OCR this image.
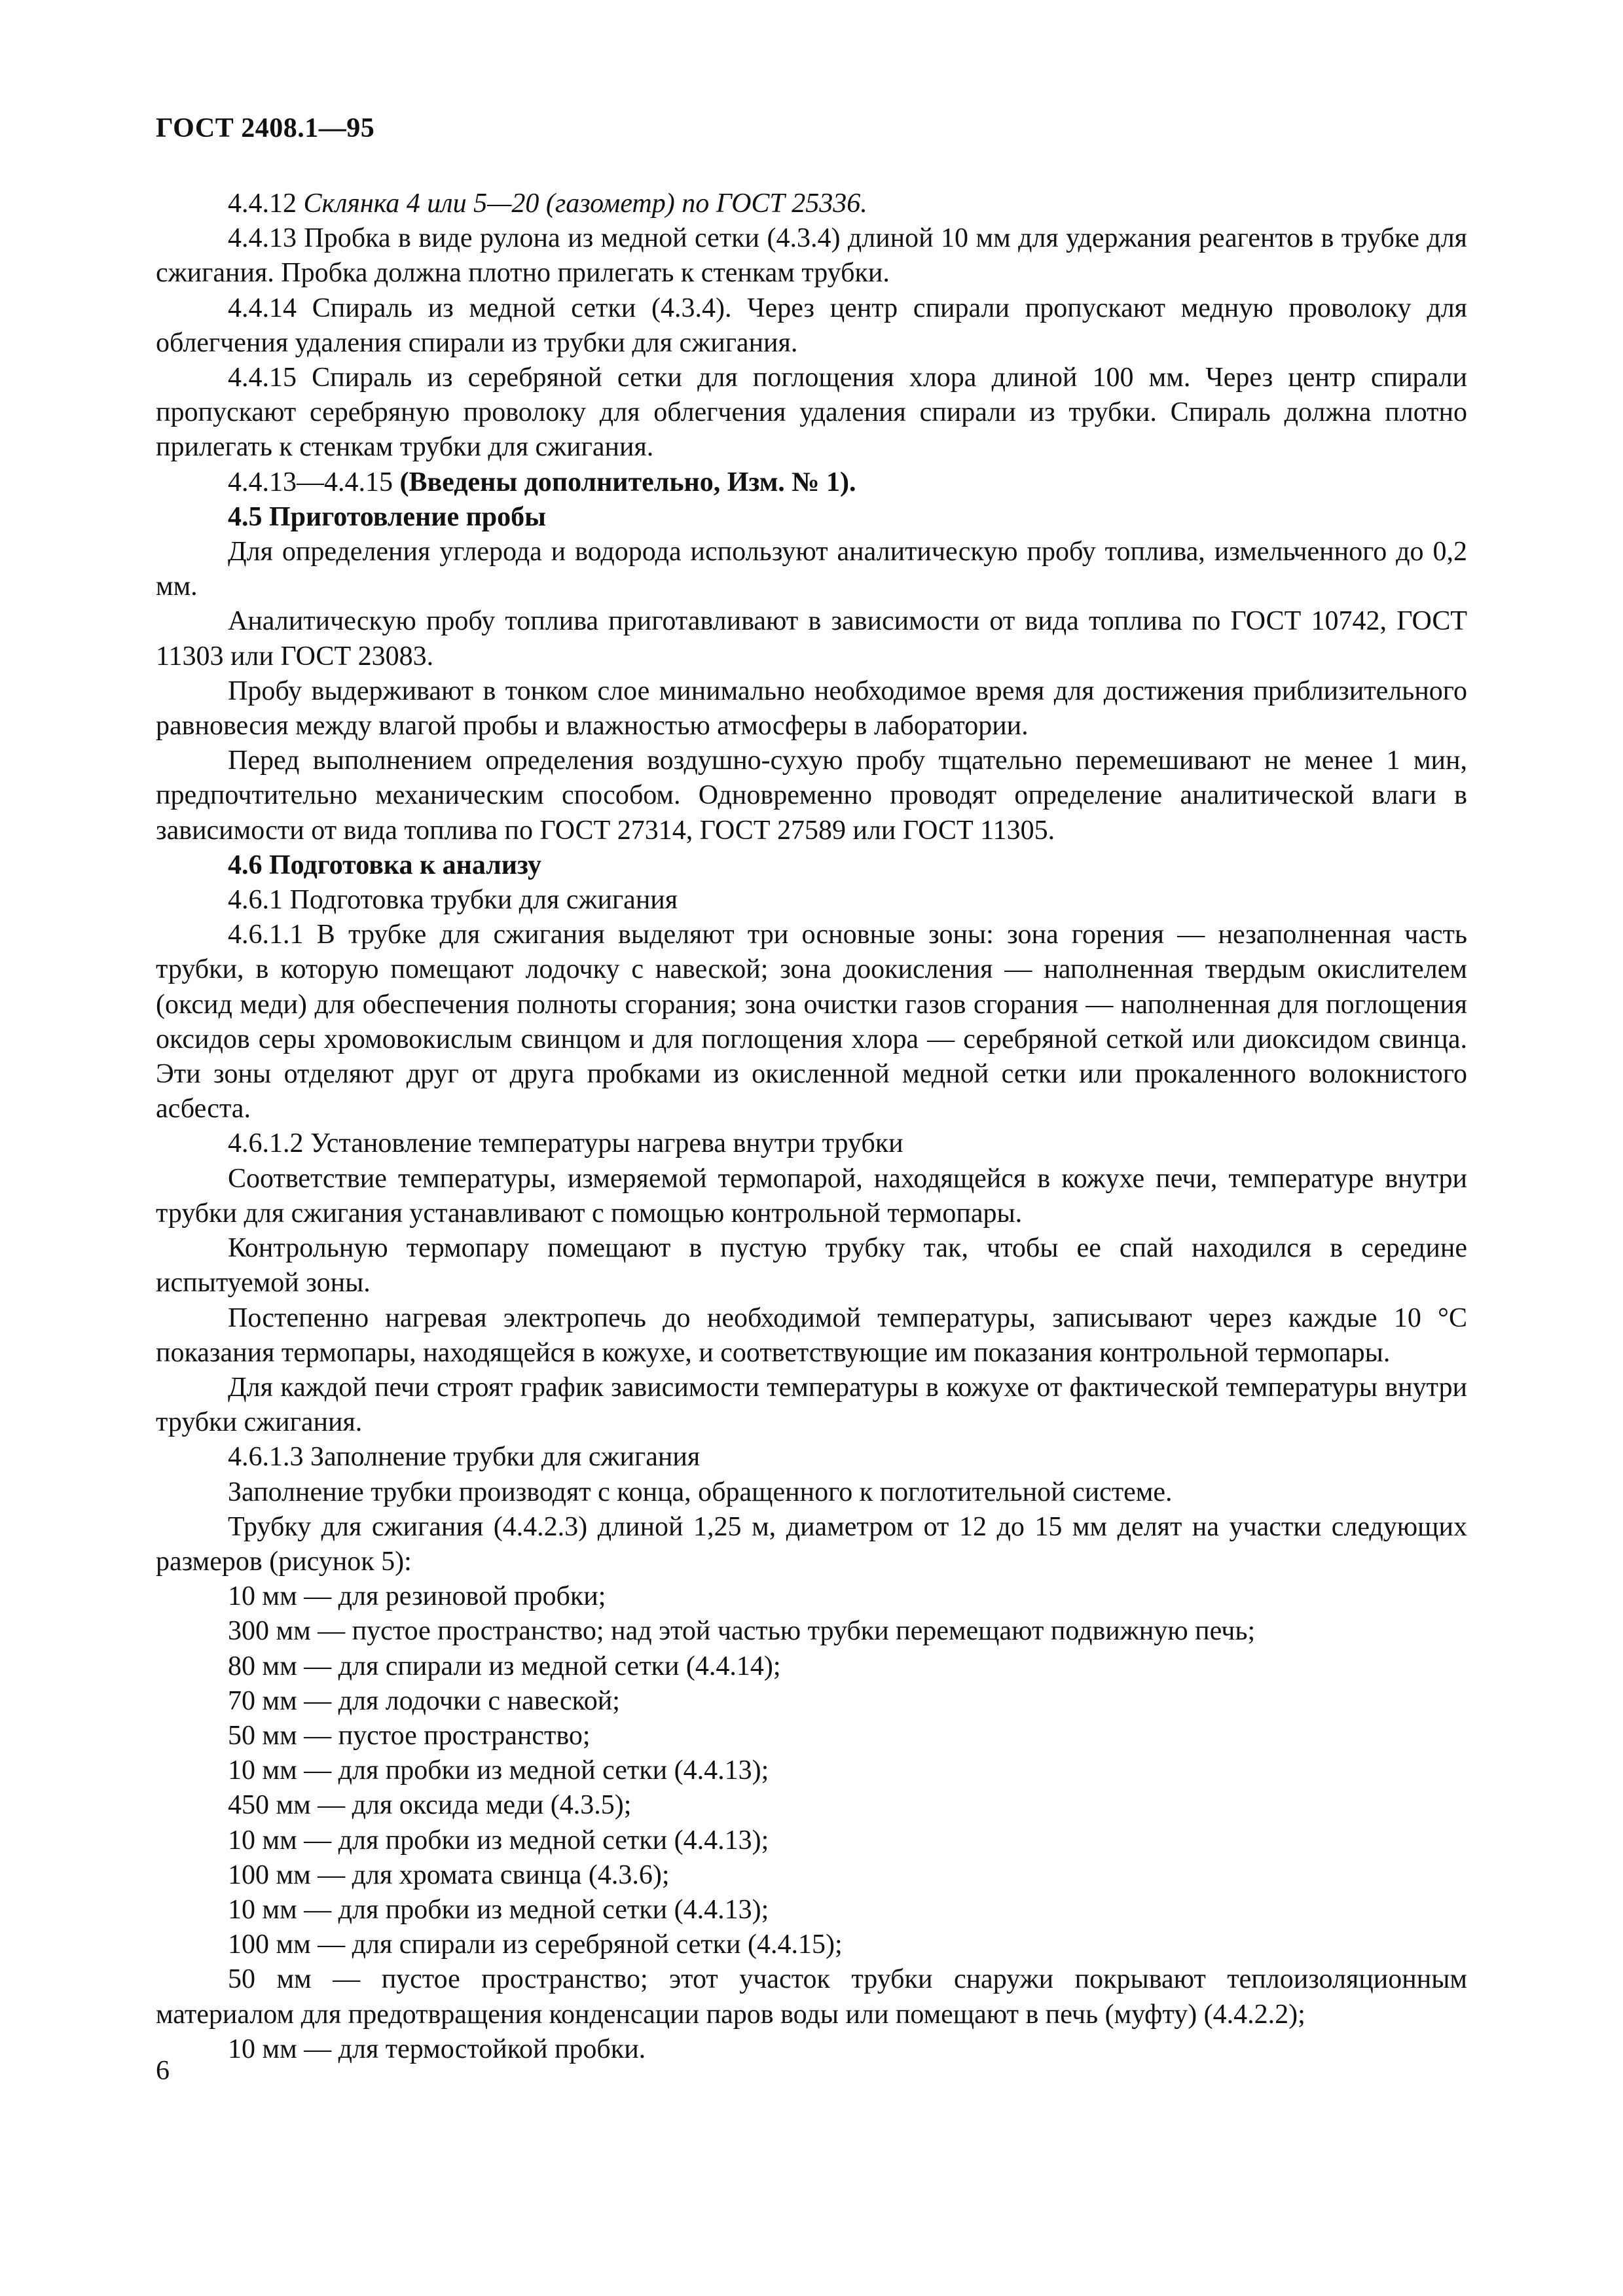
ГОСТ 2408.1—95

4.4.12 Склянка 4 или 5—20 (газометр) по ГОСТ 25336.

4.4.13 Пробка в виде рулона из медной сетки (4.3.4) длиной 10 мм для удержания реагентов в трубке для сжигания. Пробка должна плотно прилегать к стенкам трубки.

4.4.14 Спираль из медной сетки (4.3.4). Через центр спирали пропускают медную проволоку для облегчения удаления спирали из трубки для сжигания.

4.4.15 Спираль из серебряной сетки для поглощения хлора длиной 100 мм. Через центр спирали пропускают серебряную проволоку для облегчения удаления спирали из трубки. Спираль должна плотно прилегать к стенкам трубки для сжигания.

4.4.13—4.4.15 (Введены дополнительно, Изм. № 1).

4.5 Приготовление пробы

Для определения углерода и водорода используют аналитическую пробу топлива, измельченного до 0,2 мм.

Аналитическую пробу топлива приготавливают в зависимости от вида топлива по ГОСТ 10742, ГОСТ 11303 или ГОСТ 23083.

Пробу выдерживают в тонком слое минимально необходимое время для достижения приблизительного равновесия между влагой пробы и влажностью атмосферы в лаборатории.

Перед выполнением определения воздушно-сухую пробу тщательно перемешивают не менее 1 мин, предпочтительно механическим способом. Одновременно проводят определение аналитической влаги в зависимости от вида топлива по ГОСТ 27314, ГОСТ 27589 или ГОСТ 11305.

4.6 Подготовка к анализу

4.6.1 Подготовка трубки для сжигания

4.6.1.1 В трубке для сжигания выделяют три основные зоны: зона горения — незаполненная часть трубки, в которую помещают лодочку с навеской; зона доокисления — наполненная твердым окислителем (оксид меди) для обеспечения полноты сгорания; зона очистки газов сгорания — наполненная для поглощения оксидов серы хромовокислым свинцом и для поглощения хлора — серебряной сеткой или диоксидом свинца. Эти зоны отделяют друг от друга пробками из окисленной медной сетки или прокаленного волокнистого асбеста.

4.6.1.2 Установление температуры нагрева внутри трубки

Соответствие температуры, измеряемой термопарой, находящейся в кожухе печи, температуре внутри трубки для сжигания устанавливают с помощью контрольной термопары.

Контрольную термопару помещают в пустую трубку так, чтобы ее спай находился в середине испытуемой зоны.

Постепенно нагревая электропечь до необходимой температуры, записывают через каждые 10 °С показания термопары, находящейся в кожухе, и соответствующие им показания контрольной термопары.

Для каждой печи строят график зависимости температуры в кожухе от фактической температуры внутри трубки сжигания.

4.6.1.3 Заполнение трубки для сжигания

Заполнение трубки производят с конца, обращенного к поглотительной системе.

Трубку для сжигания (4.4.2.3) длиной 1,25 м, диаметром от 12 до 15 мм делят на участки следующих размеров (рисунок 5):

10 мм — для резиновой пробки;

300 мм — пустое пространство; над этой частью трубки перемещают подвижную печь;

80 мм — для спирали из медной сетки (4.4.14);

70 мм — для лодочки с навеской;

50 мм — пустое пространство;

10 мм — для пробки из медной сетки (4.4.13);

450 мм — для оксида меди (4.3.5);

10 мм — для пробки из медной сетки (4.4.13);

100 мм — для хромата свинца (4.3.6);

10 мм — для пробки из медной сетки (4.4.13);

100 мм — для спирали из серебряной сетки (4.4.15);

50 мм — пустое пространство; этот участок трубки снаружи покрывают теплоизоляционным материалом для предотвращения конденсации паров воды или помещают в печь (муфту) (4.4.2.2);

10 мм — для термостойкой пробки.

6
